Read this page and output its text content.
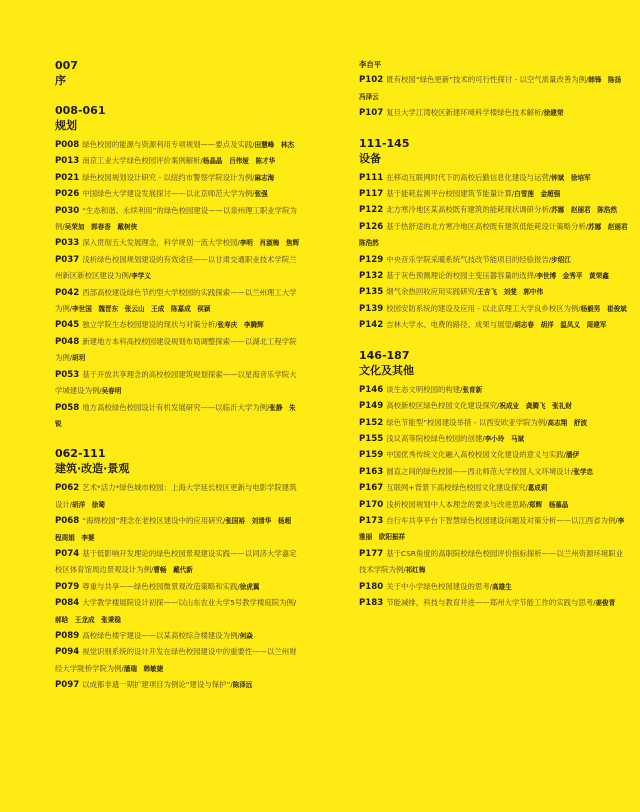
007
序
008-061
规划
P008 绿色校园的能源与资源利用专项规划——要点及实践 / 田慧峰　林杰
P013 南京工业大学绿色校园评价案例解析 / 杨晶晶　吕伟娅　陈才华
P021 绿色校园规划设计研究 - 以纽约市警察学院设计为例 / 麻志海
P026 中国绿色大学建设发展探讨——以北京师范大学为例 / 张强
P030 “生态和谐、永续利用”的绿色校园建设——以泉州理工职业学院为例 / 吴荣加　郭春香　戴树侠
P033 深入贯彻五大发展理念，科学规划一流大学校园 / 李明　肖淑梅　焦辉
P037 浅析绿色校园规划建设的有效途径——以甘肃交通职业技术学院兰州新区新校区建设为例 / 李学义
P042 西部高校建设绿色节约型大学校园的实践探索——以兰州理工大学为例 / 李世国　魏晋东　张云山　王成　陈嘉成　侯颖
P045 独立学院生态校园建设的现状与对策分析 / 张寿庆　李腾辉
P048 新建地方本科高校校园建设规划布局调整探索——以湖北工程学院为例 / 胡玥
P053 基于开放共享理念的高校校园建筑规划探索——以星海音乐学院大学城建设为例 / 吴春明
P058 地方高校绿色校园设计有机发展研究——以临沂大学为例 / 张静　朱锐
062-111
建筑·改造·景观
P062 艺术*活力*绿色城市校园：上海大学延长校区更新与电影学院建筑设计 / 胡洋　徐蜀
P068 “海绵校园”理念在老校区建设中的应用研究 / 张国裕　刘清华　杨超　程周娟　李婆
P074 基于低影响开发理论的绿色校园景观建设实践——以同济大学嘉定校区体育馆周边景观设计为例 / 曹畅　戴代新
P079 尊重与共享——绿色校园微景观改造策略和实践 / 徐虎翼
P084 大学教学楼展院设计初探——以山东农业大学5号教学楼庭院为例/ 郝晗　王龙成　张秉稳
P089 高校绿色楼宇建设——以某高校综合楼建设为例 / 何焱
P094 视觉识别系统的设计开发在绿色校园建设中的重要性——以兰州财经大学陇桥学院为例 / 潘瑞　韩敏婕
P097 以成都非遗一期扩建项目为例论“建设与保护” / 陈泽远
李自平
P102 既有校园“绿色更新”技术的可行性探讨 - 以空气质量改善为例 / 韩锋　陈扬　冯泽云
P107 复旦大学江湾校区新建环境科学楼绿色技术解析 / 徐建荣
111-145
设备
P111 在移动互联网时代下的高校后勤信息化建设与运营 / 钟斌　徐培军
P117 基于能耗监测平台校园建筑节能量计算 / 白雪莲　金超强
P122 北方寒冷地区某高校既有建筑的能耗现状调研分析 / 苏娜　赵丽君　陈浩然
P126 基于热舒适的北方寒冷地区高校既有建筑低能耗设计策略分析 / 苏娜　赵丽君　陈浩然
P129 中央音乐学院采暖系统气技改节能项目的经验报告 / 步绍江
P132 基于灰色预测理论的校园主变压器容量的选择 / 李世博　金秀平　黄荣鑫
P135 烟气余热回收应用实践研究 / 王吉飞　刘斐　郭中伟
P139 校园安防系统的建设及应用 - 以北京理工大学良乡校区为例 / 杨毅男　崔俊斌
P142 吉林大学水、电费的路径、成果与展望 / 胡志春　胡洋　温凤义　周建军
146-187
文化及其他
P146 谈生态文明校园的构建 / 张育新
P149 高校新校区绿色校园文化建设探究 / 祝成业　龚腾飞　张礼财
P152 绿色节能型”校园建设举措 - 以西安欧亚学院为例 / 高志翔　舒波
P155 浅议高等院校绿色校园的创建 / 李小玲　马斌
P159 中国优秀传统文化融入高校校园文化建设的意义与实践 / 潘伊
P163 圆直之间的绿色校园——西北师范大学校园人文环境设计 / 张学忠
P167 互联网+背景下高校绿色校园文化建设探究 / 葛成莉
P170 浅析校园规划中人本理念的要求与改进思路 / 郑辉　杨慕晶
P173 自行车共享平台下智慧绿色校园建设问题及对策分析——以江西省为例 / 李雅丽　欧阳振祥
P177 基于CSR角度的高职院校绿色校园评价指标探析——以兰州资源环境职业技术学院为例 / 祁红梅
P180 关于中小学绿色校园建设的思考 / 高雄生
P183 节能减排，科技与教育并进——郑州大学节能工作的实践与思考 / 姜俊青
